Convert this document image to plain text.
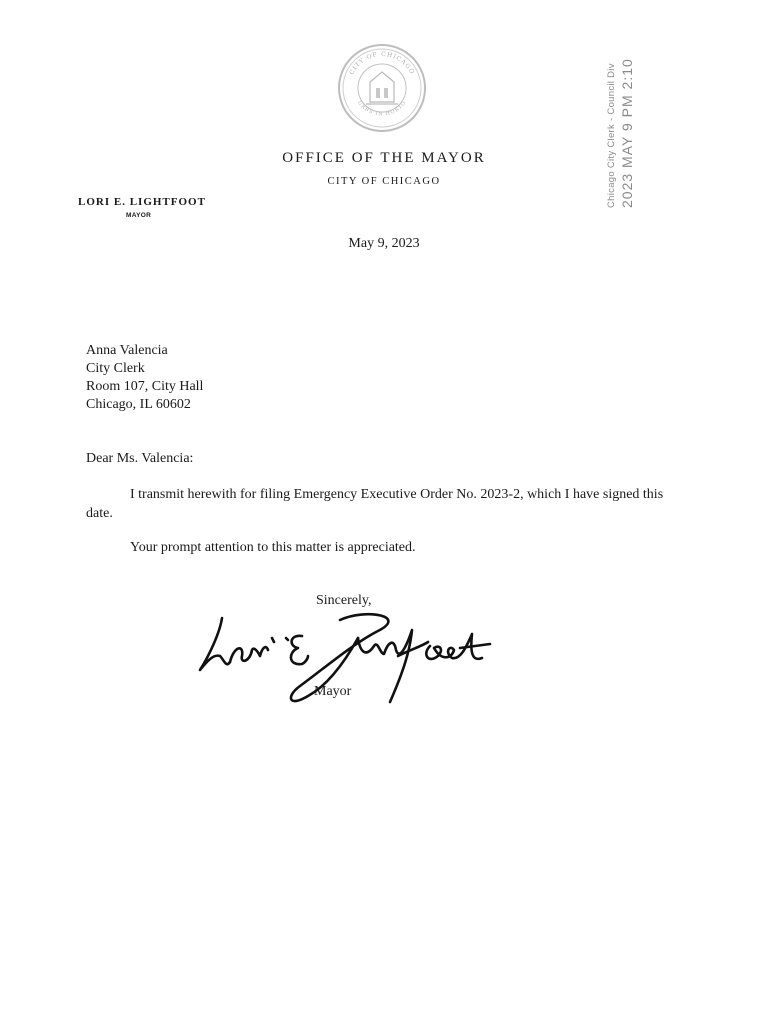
CITY OF CHICAGO
URBS IN HORTO
OFFICE OF THE MAYOR
CITY OF CHICAGO	Chicago City Clerk - Council Div 2023 MAY 9 PM 2:10
LORI E. LIGHTFOOT
MAYOR
May 9, 2023
Anna Valencia
City Clerk
Room 107, City Hall
Chicago, IL 60602
Dear Ms. Valencia:
I transmit herewith for filing Emergency Executive Order No. 2023-2, which I have signed this date.
Your prompt attention to this matter is appreciated.
Sincerely,
Mayor
